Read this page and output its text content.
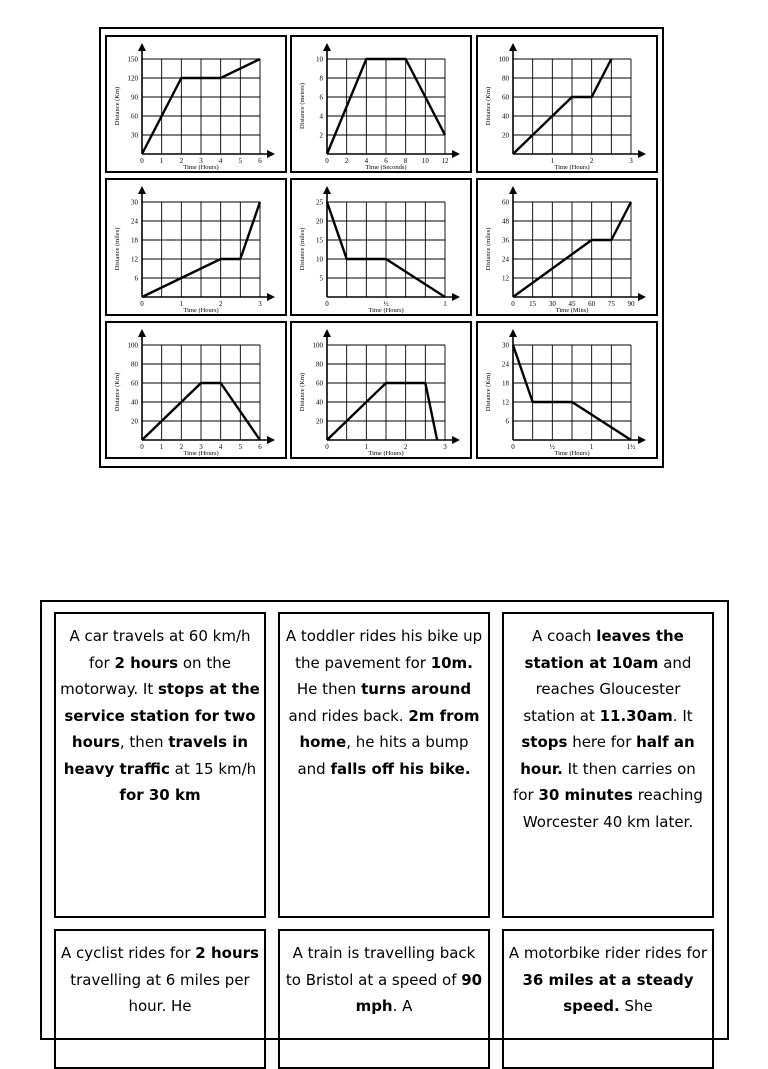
0 1 2 3 4 5 6
30
60
90
120
150
Time (Hours)
Distance (Km)
0 2 4 6 8 10 12
2
4
6
8
10
Time (Seconds)
Distance (metres)
1	2	3
20
40
60
80
100
Time (Hours)
Distance (Km)
0	1	2	3
6
12
18
24
30
Time (Hours)
Distance (miles)
0	½	1
5
10
15
20
25
Time (Hours)
Distance (miles)
0 15 30 45 60 75 90
12
24
36
48
60
Time (Mins)
Distance (miles)
0 1 2 3 4 5 6
20
40
60
80
100
Time (Hours)
Distance (Km)
0	1	2	3
20
40
60
80
100
Time (Hours)
Distance (Km)
0	½	1	1½
6
12
18
24
30
Time (Hours)
Distance (Km)
A car travels at 60 km/h for 2 hours on the motorway. It stops at the service station for two hours, then travels in heavy traffic at 15 km/h for 30 km
A toddler rides his bike up the pavement for 10m. He then turns around and rides back. 2m from home, he hits a bump and falls off his bike.
A coach leaves the station at 10am and reaches Gloucester station at 11.30am. It stops here for half an hour. It then carries on for 30 minutes reaching Worcester 40 km later.
A cyclist rides for 2 hours travelling at 6 miles per hour. He
A train is travelling back to Bristol at a speed of 90 mph. A
A motorbike rider rides for 36 miles at a steady speed. She
